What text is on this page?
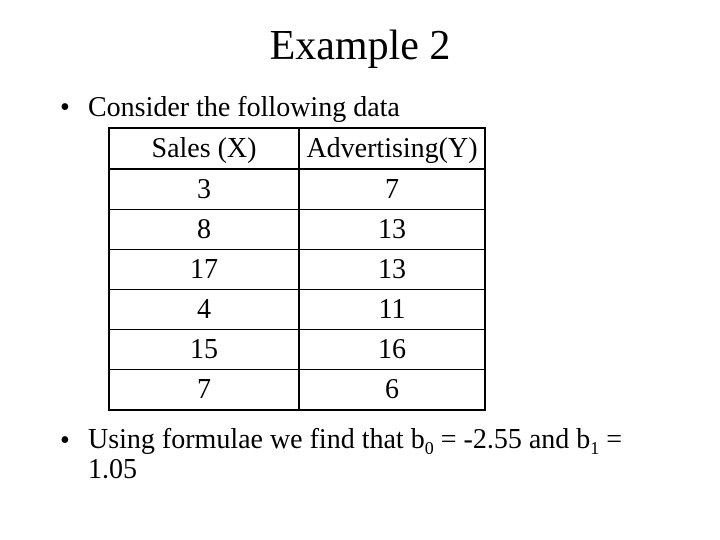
Example 2
• Consider the following data
Sales (X)	Advertising(Y)
3	7
8	13
17	13
4	11
15	16
7	6
• Using formulae we find that $b_0 = -2.55$ and $b_1 = 1.05$
